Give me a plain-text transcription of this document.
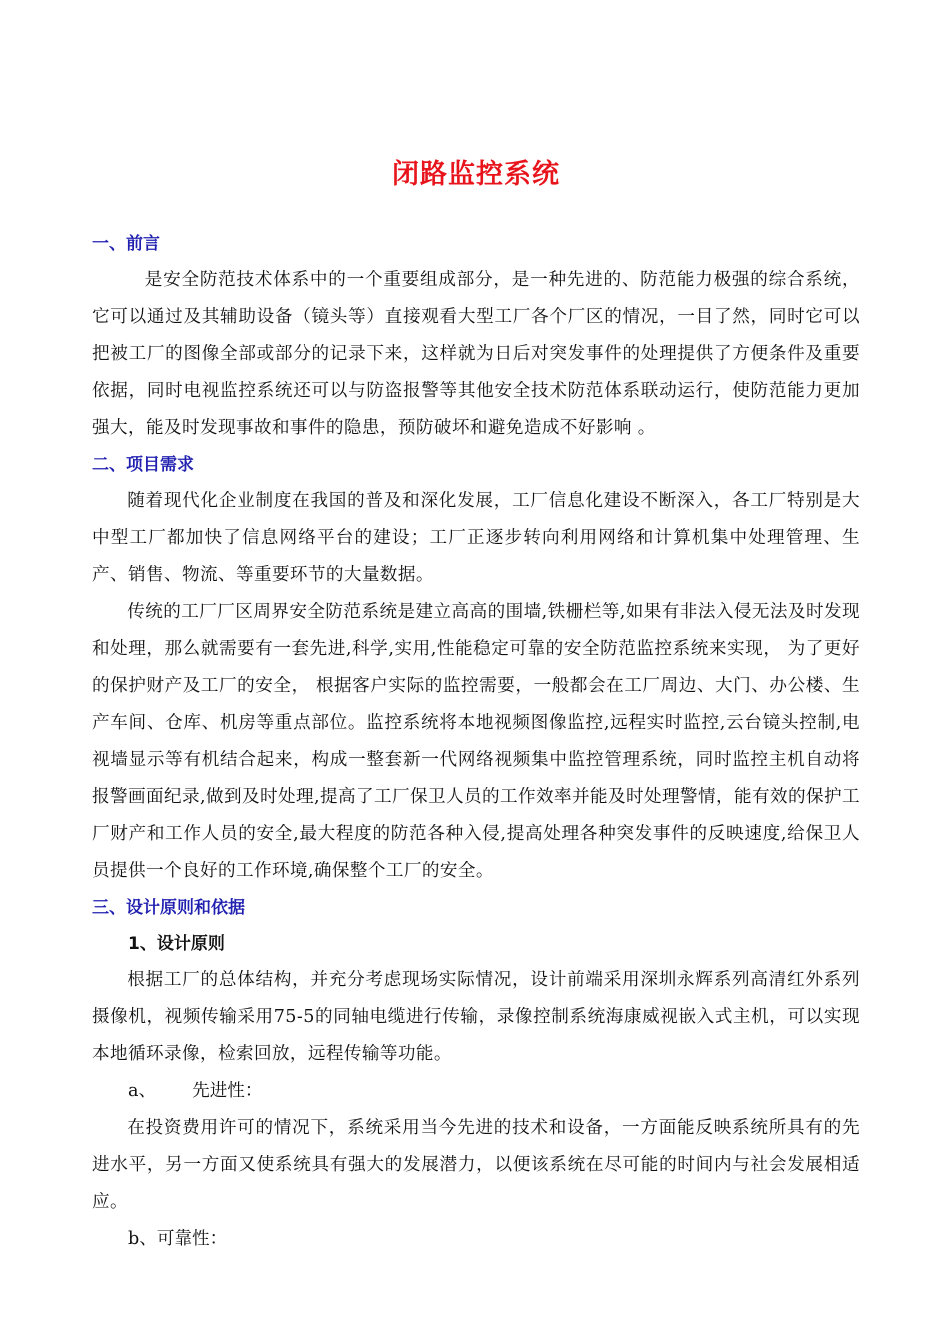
闭路监控系统
一、前言

是安全防范技术体系中的一个重要组成部分，是一种先进的、防范能力极强的综合系统，它可以通过及其辅助设备（镜头等）直接观看大型工厂各个厂区的情况，一目了然，同时它可以把被工厂的图像全部或部分的记录下来，这样就为日后对突发事件的处理提供了方便条件及重要依据，同时电视监控系统还可以与防盗报警等其他安全技术防范体系联动运行，使防范能力更加强大，能及时发现事故和事件的隐患，预防破坏和避免造成不好影响 。

二、项目需求

随着现代化企业制度在我国的普及和深化发展，工厂信息化建设不断深入，各工厂特别是大中型工厂都加快了信息网络平台的建设；工厂正逐步转向利用网络和计算机集中处理管理、生产、销售、物流、等重要环节的大量数据。

传统的工厂厂区周界安全防范系统是建立高高的围墙,铁栅栏等,如果有非法入侵无法及时发现和处理，那么就需要有一套先进,科学,实用,性能稳定可靠的安全防范监控系统来实现， 为了更好的保护财产及工厂的安全， 根据客户实际的监控需要，一般都会在工厂周边、大门、办公楼、生产车间、仓库、机房等重点部位。监控系统将本地视频图像监控,远程实时监控,云台镜头控制,电视墙显示等有机结合起来，构成一整套新一代网络视频集中监控管理系统，同时监控主机自动将报警画面纪录,做到及时处理,提高了工厂保卫人员的工作效率并能及时处理警情，能有效的保护工厂财产和工作人员的安全,最大程度的防范各种入侵,提高处理各种突发事件的反映速度,给保卫人员提供一个良好的工作环境,确保整个工厂的安全。

三、设计原则和依据
1、设计原则

根据工厂的总体结构，并充分考虑现场实际情况，设计前端采用深圳永辉系列高清红外系列摄像机，视频传输采用75-5的同轴电缆进行传输，录像控制系统海康威视嵌入式主机，可以实现本地循环录像，检索回放，远程传输等功能。

a、 先进性：

在投资费用许可的情况下，系统采用当今先进的技术和设备，一方面能反映系统所具有的先进水平，另一方面又使系统具有强大的发展潜力，以便该系统在尽可能的时间内与社会发展相适应。

b、可靠性：
